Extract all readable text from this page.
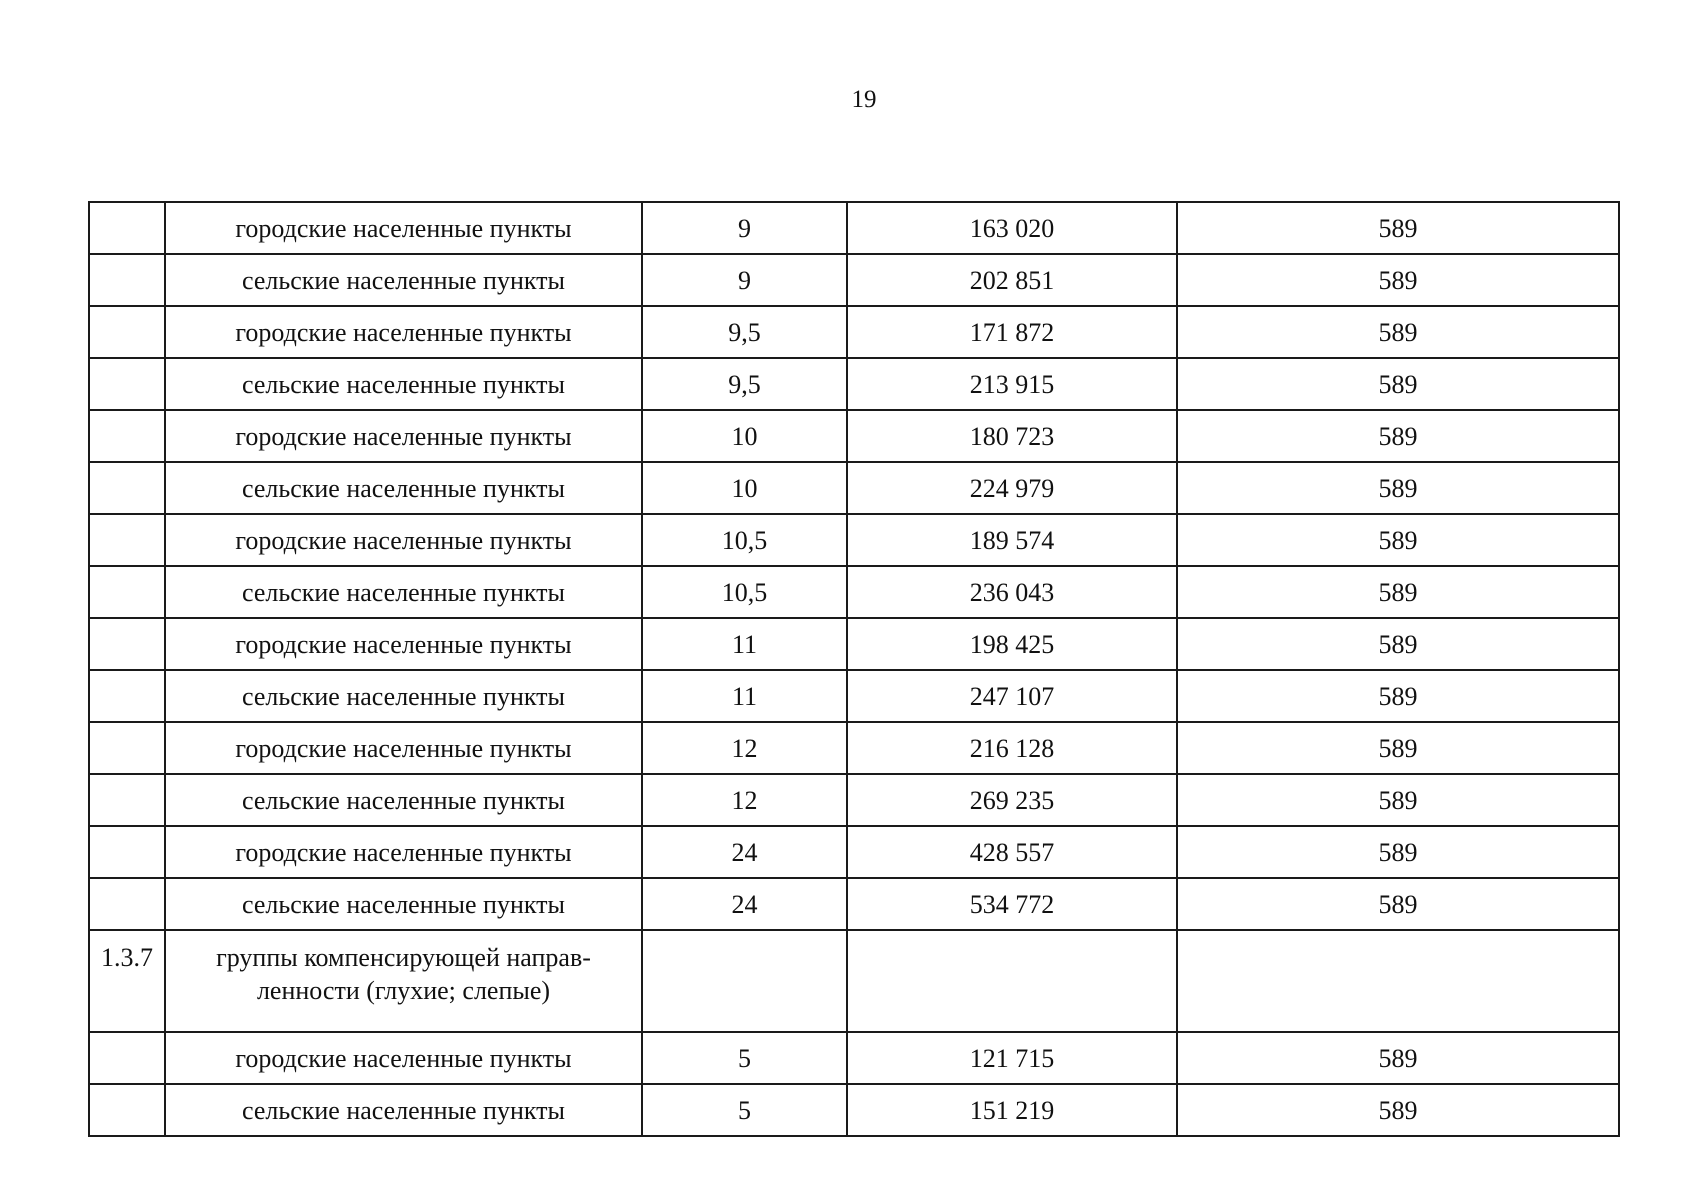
19
	городские населенные пункты	9	163 020	589
	сельские населенные пункты	9	202 851	589
	городские населенные пункты	9,5	171 872	589
	сельские населенные пункты	9,5	213 915	589
	городские населенные пункты	10	180 723	589
	сельские населенные пункты	10	224 979	589
	городские населенные пункты	10,5	189 574	589
	сельские населенные пункты	10,5	236 043	589
	городские населенные пункты	11	198 425	589
	сельские населенные пункты	11	247 107	589
	городские населенные пункты	12	216 128	589
	сельские населенные пункты	12	269 235	589
	городские населенные пункты	24	428 557	589
	сельские населенные пункты	24	534 772	589
1.3.7	группы компенсирующей направ-
ленности (глухие; слепые)			
	городские населенные пункты	5	121 715	589
	сельские населенные пункты	5	151 219	589
